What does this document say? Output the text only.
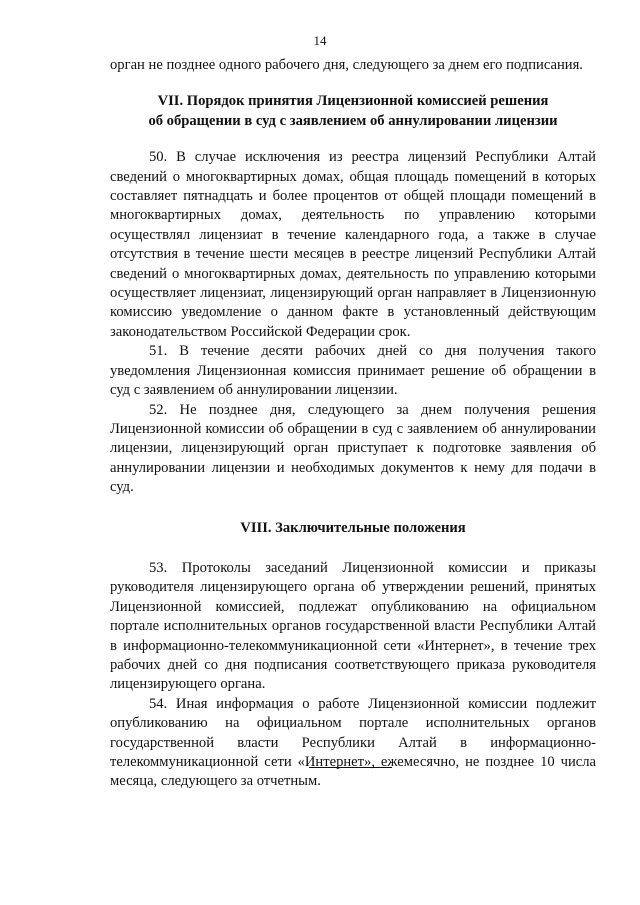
14

орган не позднее одного рабочего дня, следующего за днем его подписания.

VII. Порядок принятия Лицензионной комиссией решения

об обращении в суд с заявлением об аннулировании лицензии

50. В случае исключения из реестра лицензий Республики Алтай сведений о многоквартирных домах, общая площадь помещений в которых составляет пятнадцать и более процентов от общей площади помещений в многоквартирных домах, деятельность по управлению которыми осуществлял лицензиат в течение календарного года, а также в случае отсутствия в течение шести месяцев в реестре лицензий Республики Алтай сведений о многоквартирных домах, деятельность по управлению которыми осуществляет лицензиат, лицензирующий орган направляет в Лицензионную комиссию уведомление о данном факте в установленный действующим законодательством Российской Федерации срок.

51. В течение десяти рабочих дней со дня получения такого уведомления Лицензионная комиссия принимает решение об обращении в суд с заявлением об аннулировании лицензии.

52. Не позднее дня, следующего за днем получения решения Лицензионной комиссии об обращении в суд с заявлением об аннулировании лицензии, лицензирующий орган приступает к подготовке заявления об аннулировании лицензии и необходимых документов к нему для подачи в суд.

VIII. Заключительные положения

53. Протоколы заседаний Лицензионной комиссии и приказы руководителя лицензирующего органа об утверждении решений, принятых Лицензионной комиссией, подлежат опубликованию на официальном портале исполнительных органов государственной власти Республики Алтай в информационно-телекоммуникационной сети «Интернет», в течение трех рабочих дней со дня подписания соответствующего приказа руководителя лицензирующего органа.

54. Иная информация о работе Лицензионной комиссии подлежит опубликованию на официальном портале исполнительных органов государственной власти Республики Алтай в информационно-телекоммуникационной сети «Интернет», ежемесячно, не позднее 10 числа месяца, следующего за отчетным.
